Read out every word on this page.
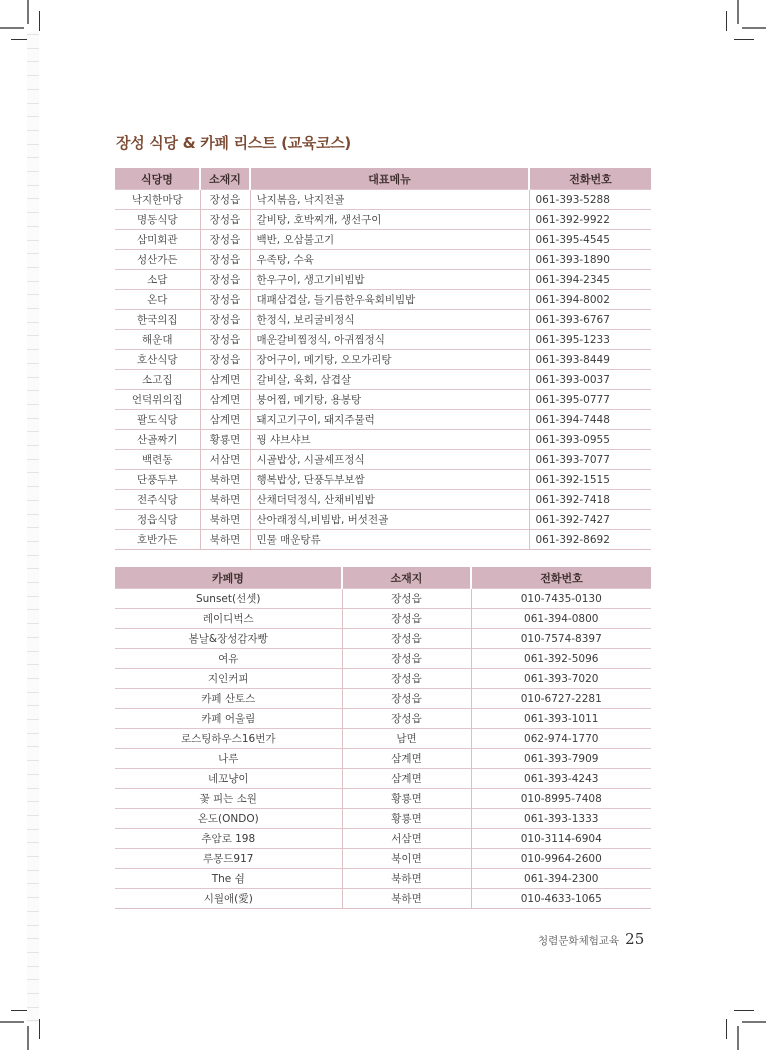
장성 식당 & 카페 리스트 (교육코스)
식당명	소재지	대표메뉴	전화번호
낙지한마당	장성읍	낙지볶음, 낙지전골	061-393-5288
명동식당	장성읍	갈비탕, 호박찌개, 생선구이	061-392-9922
삼미회관	장성읍	백반, 오삼불고기	061-395-4545
성산가든	장성읍	우족탕, 수육	061-393-1890
소담	장성읍	한우구이, 생고기비빔밥	061-394-2345
온다	장성읍	대패삼겹살, 들기름한우육회비빔밥	061-394-8002
한국의집	장성읍	한정식, 보리굴비정식	061-393-6767
해운대	장성읍	매운갈비찜정식, 아귀찜정식	061-395-1233
호산식당	장성읍	장어구이, 메기탕, 오모가리탕	061-393-8449
소고집	삼계면	갈비살, 육회, 삼겹살	061-393-0037
언덕위의집	삼계면	붕어찜, 메기탕, 용봉탕	061-395-0777
팔도식당	삼계면	돼지고기구이, 돼지주물럭	061-394-7448
산골짜기	황룡면	꿩 샤브샤브	061-393-0955
백련동	서삼면	시골밥상, 시골셰프정식	061-393-7077
단풍두부	북하면	행복밥상, 단풍두부보쌈	061-392-1515
전주식당	북하면	산채더덕정식, 산채비빔밥	061-392-7418
정읍식당	북하면	산아래정식,비빔밥, 버섯전골	061-392-7427
호반가든	북하면	민물 매운탕류	061-392-8692
카페명	소재지	전화번호
Sunset(선셋)	장성읍	010-7435-0130
레이디벅스	장성읍	061-394-0800
봄날&장성감자빵	장성읍	010-7574-8397
여유	장성읍	061-392-5096
지인커피	장성읍	061-393-7020
카페 산토스	장성읍	010-6727-2281
카페 어울림	장성읍	061-393-1011
로스팅하우스16번가	남면	062-974-1770
나루	삼계면	061-393-7909
네꼬냥이	삼계면	061-393-4243
꽃 피는 소원	황룡면	010-8995-7408
온도(ONDO)	황룡면	061-393-1333
추암로 198	서삼면	010-3114-6904
루몽드917	북이면	010-9964-2600
The 쉼	북하면	061-394-2300
시월애(愛)	북하면	010-4633-1065
청렴문화체험교육 25
